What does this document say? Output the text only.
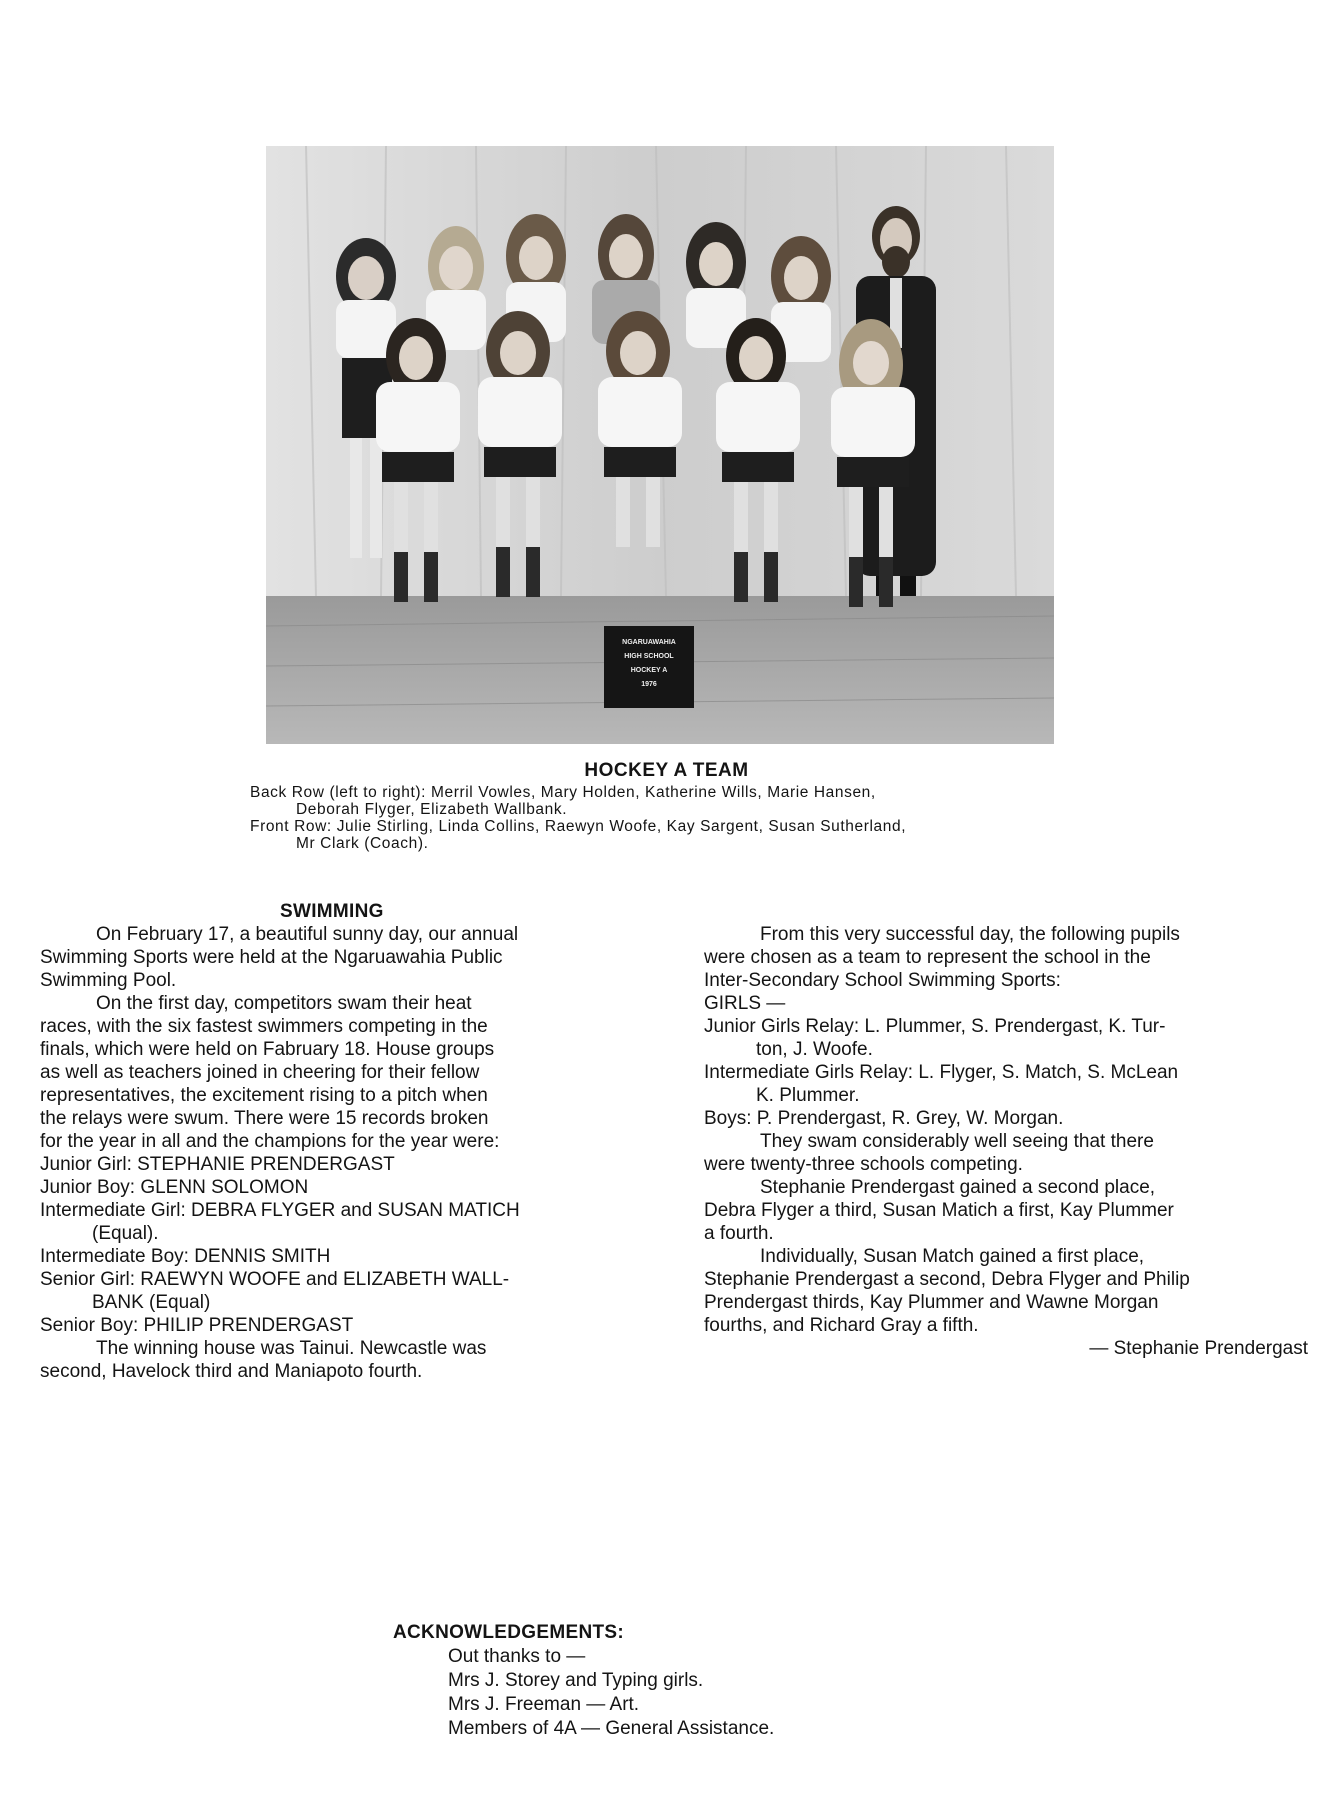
NGARUAWAHIA
HIGH SCHOOL
HOCKEY A
1976
HOCKEY A TEAM
Back Row (left to right): Merril Vowles, Mary Holden, Katherine Wills, Marie Hansen,
Deborah Flyger, Elizabeth Wallbank.
Front Row: Julie Stirling, Linda Collins, Raewyn Woofe, Kay Sargent, Susan Sutherland,
Mr Clark (Coach).
SWIMMING

On February 17, a beautiful sunny day, our annual

Swimming Sports were held at the Ngaruawahia Public

Swimming Pool.

On the first day, competitors swam their heat

races, with the six fastest swimmers competing in the

finals, which were held on Fabruary 18. House groups

as well as teachers joined in cheering for their fellow

representatives, the excitement rising to a pitch when

the relays were swum. There were 15 records broken

for the year in all and the champions for the year were:

Junior Girl: STEPHANIE PRENDERGAST

Junior Boy: GLENN SOLOMON

Intermediate Girl: DEBRA FLYGER and SUSAN MATICH

(Equal).

Intermediate Boy: DENNIS SMITH

Senior Girl: RAEWYN WOOFE and ELIZABETH WALL-

BANK (Equal)

Senior Boy: PHILIP PRENDERGAST

The winning house was Tainui. Newcastle was

second, Havelock third and Maniapoto fourth.

From this very successful day, the following pupils

were chosen as a team to represent the school in the

Inter-Secondary School Swimming Sports:

GIRLS —

Junior Girls Relay: L. Plummer, S. Prendergast, K. Tur-

ton, J. Woofe.

Intermediate Girls Relay: L. Flyger, S. Match, S. McLean

K. Plummer.

Boys: P. Prendergast, R. Grey, W. Morgan.

They swam considerably well seeing that there

were twenty-three schools competing.

Stephanie Prendergast gained a second place,

Debra Flyger a third, Susan Matich a first, Kay Plummer

a fourth.

Individually, Susan Match gained a first place,

Stephanie Prendergast a second, Debra Flyger and Philip

Prendergast thirds, Kay Plummer and Wawne Morgan

fourths, and Richard Gray a fifth.

— Stephanie Prendergast

ACKNOWLEDGEMENTS:

Out thanks to —

Mrs J. Storey and Typing girls.

Mrs J. Freeman — Art.

Members of 4A — General Assistance.
